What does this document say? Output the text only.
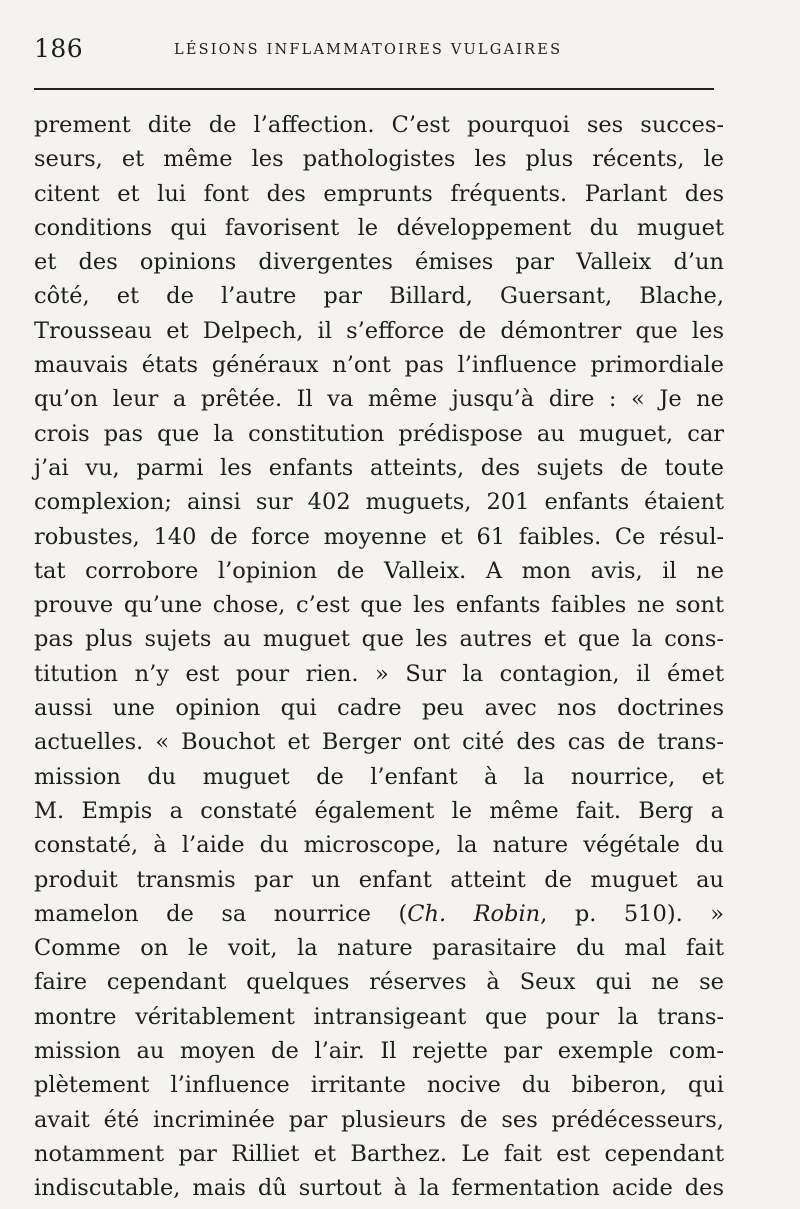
186	LÉSIONS INFLAMMATOIRES VULGAIRES
prement dite de l’affection. C’est pourquoi ses succes-
seurs, et même les pathologistes les plus récents, le
citent et lui font des emprunts fréquents. Parlant des
conditions qui favorisent le développement du muguet
et des opinions divergentes émises par Valleix d’un
côté, et de l’autre par Billard, Guersant, Blache,
Trousseau et Delpech, il s’efforce de démontrer que les
mauvais états généraux n’ont pas l’influence primordiale
qu’on leur a prêtée. Il va même jusqu’à dire : « Je ne
crois pas que la constitution prédispose au muguet, car
j’ai vu, parmi les enfants atteints, des sujets de toute
complexion; ainsi sur 402 muguets, 201 enfants étaient
robustes, 140 de force moyenne et 61 faibles. Ce résul-
tat corrobore l’opinion de Valleix. A mon avis, il ne
prouve qu’une chose, c’est que les enfants faibles ne sont
pas plus sujets au muguet que les autres et que la cons-
titution n’y est pour rien. » Sur la contagion, il émet
aussi une opinion qui cadre peu avec nos doctrines
actuelles. « Bouchot et Berger ont cité des cas de trans-
mission du muguet de l’enfant à la nourrice, et
M. Empis a constaté également le même fait. Berg a
constaté, à l’aide du microscope, la nature végétale du
produit transmis par un enfant atteint de muguet au
mamelon de sa nourrice (Ch. Robin, p. 510). »
Comme on le voit, la nature parasitaire du mal fait
faire cependant quelques réserves à Seux qui ne se
montre véritablement intransigeant que pour la trans-
mission au moyen de l’air. Il rejette par exemple com-
plètement l’influence irritante nocive du biberon, qui
avait été incriminée par plusieurs de ses prédécesseurs,
notamment par Rilliet et Barthez. Le fait est cependant
indiscutable, mais dû surtout à la fermentation acide des
